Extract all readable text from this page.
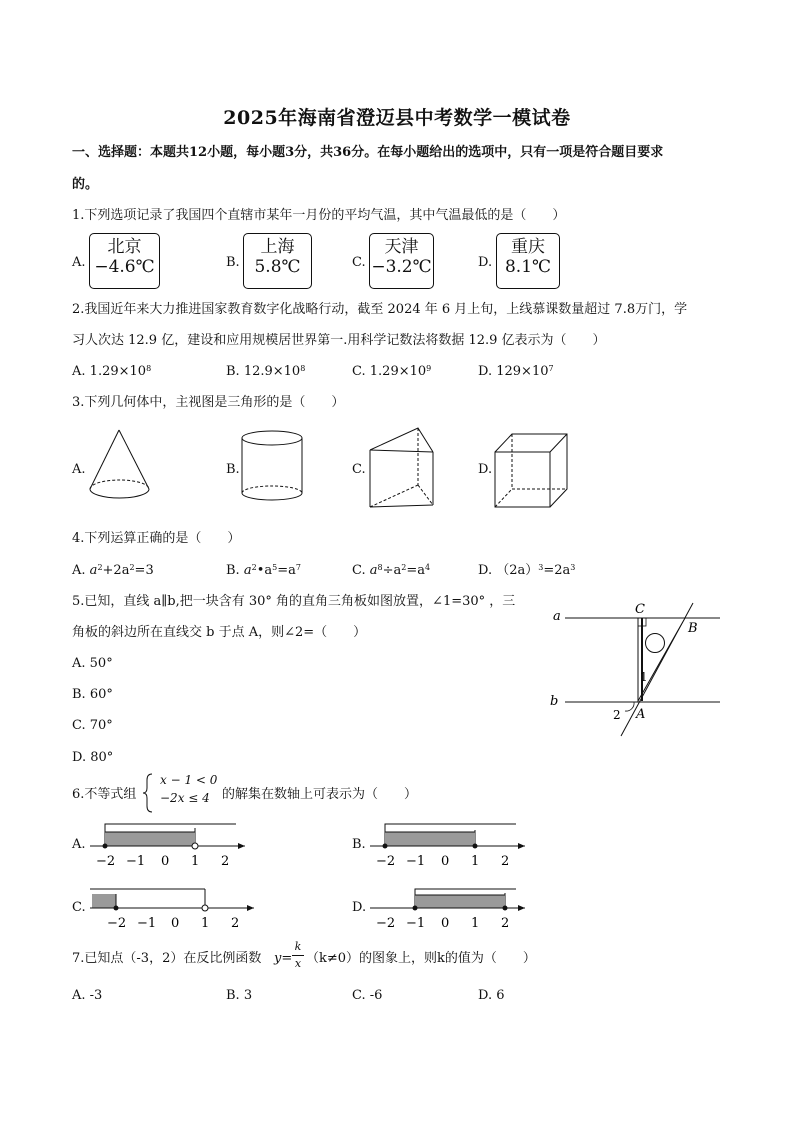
2025年海南省澄迈县中考数学一模试卷
一、选择题：本题共12小题，每小题3分，共36分。在每小题给出的选项中，只有一项是符合题目要求
的。
1.下列选项记录了我国四个直辖市某年一月份的平均气温，其中气温最低的是（　　）
A.
北京
−4.6℃	B.
上海
5.8℃	C.
天津
−3.2℃	D.
重庆
8.1℃
2.我国近年来大力推进国家教育数字化战略行动，截至 2024 年 6 月上旬，上线慕课数量超过 7.8万门，学
习人次达 12.9 亿，建设和应用规模居世界第一.用科学记数法将数据 12.9 亿表示为（　　）
A. $1.29\times 10^8$	B. $12.9\times 10^8$	C. $1.29\times 10^9$	D. $129\times 10^7$
3.下列几何体中，主视图是三角形的是（　　）
A.	B.	C.	D.
4.下列运算正确的是（　　）
A. $a^2+2a^2=3$	B. $a^2•a^5=a^7$	C. $a^8\div a^2=a^4$	D. $(2a)^3=2a^3$
5.已知，直线 a∥b,把一块含有 30° 角的直角三角板如图放置，∠1=30° ，三
角板的斜边所在直线交 b 于点 A，则∠2=（　　）
A. 50°
B. 60°
C. 70°
D. 80°
a
b
C
B
A
1
2
6.不等式组
x − 1 < 0
−2x ≤ 4 的解集在数轴上可表示为（　　）
A.	B.
C.	D.
−2 −1 0 1 2	−2 −1 0 1 2
−2 −1 0 1 2	−2 −1 0 1 2
7.已知点（-3，2）在反比例函数 y=
k
x （k≠0）的图象上，则k的值为（　　）
A. -3	B. 3	C. -6	D. 6
